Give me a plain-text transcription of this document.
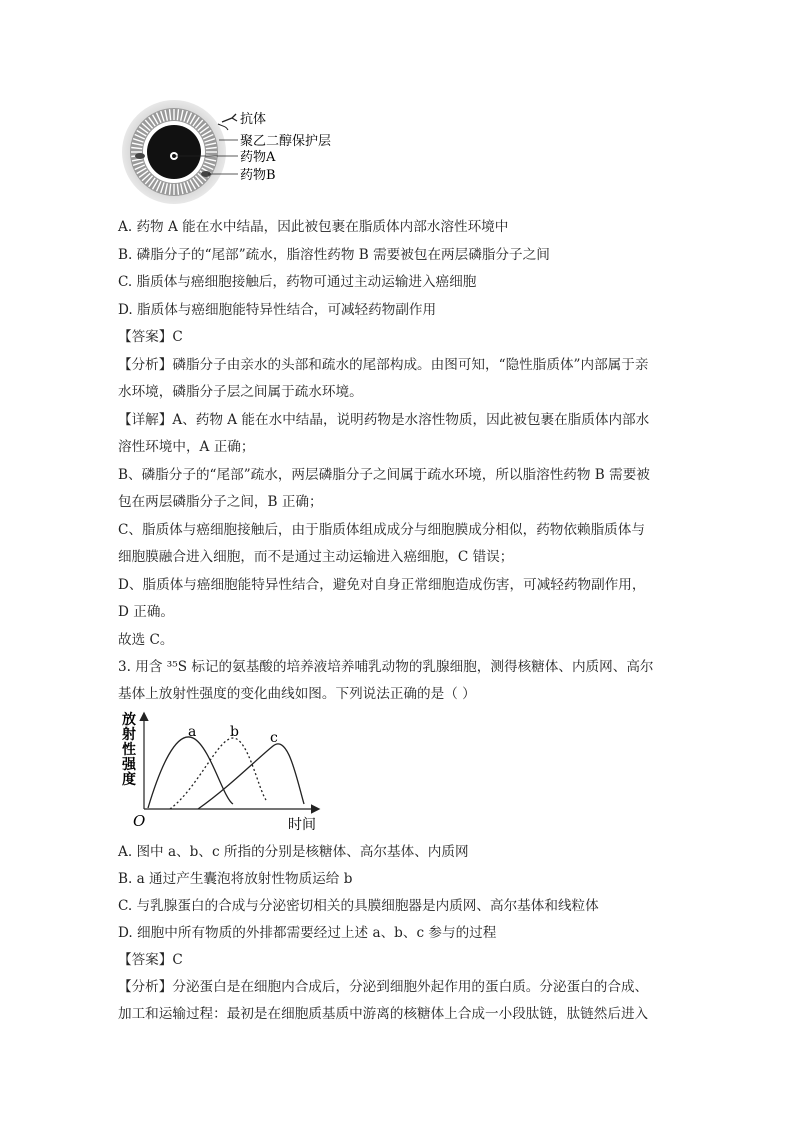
抗体
聚乙二醇保护层
药物A
药物B
A. 药物 A 能在水中结晶，因此被包裹在脂质体内部水溶性环境中
B. 磷脂分子的“尾部”疏水，脂溶性药物 B 需要被包在两层磷脂分子之间
C. 脂质体与癌细胞接触后，药物可通过主动运输进入癌细胞
D. 脂质体与癌细胞能特异性结合，可减轻药物副作用
【答案】C
【分析】磷脂分子由亲水的头部和疏水的尾部构成。由图可知，“隐性脂质体”内部属于亲
水环境，磷脂分子层之间属于疏水环境。
【详解】A、药物 A 能在水中结晶，说明药物是水溶性物质，因此被包裹在脂质体内部水
溶性环境中，A 正确；
B、磷脂分子的“尾部”疏水，两层磷脂分子之间属于疏水环境，所以脂溶性药物 B 需要被
包在两层磷脂分子之间，B 正确；
C、脂质体与癌细胞接触后，由于脂质体组成成分与细胞膜成分相似，药物依赖脂质体与
细胞膜融合进入细胞，而不是通过主动运输进入癌细胞，C 错误；
D、脂质体与癌细胞能特异性结合，避免对自身正常细胞造成伤害，可减轻药物副作用，
D 正确。
故选 C。
3. 用含 ³⁵S 标记的氨基酸的培养液培养哺乳动物的乳腺细胞，测得核糖体、内质网、高尔
基体上放射性强度的变化曲线如图。下列说法正确的是（ ）
放射性强度
O	时间
a b c
A. 图中 a、b、c 所指的分别是核糖体、高尔基体、内质网
B. a 通过产生囊泡将放射性物质运给 b
C. 与乳腺蛋白的合成与分泌密切相关的具膜细胞器是内质网、高尔基体和线粒体
D. 细胞中所有物质的外排都需要经过上述 a、b、c 参与的过程
【答案】C
【分析】分泌蛋白是在细胞内合成后，分泌到细胞外起作用的蛋白质。分泌蛋白的合成、
加工和运输过程：最初是在细胞质基质中游离的核糖体上合成一小段肽链，肽链然后进入
